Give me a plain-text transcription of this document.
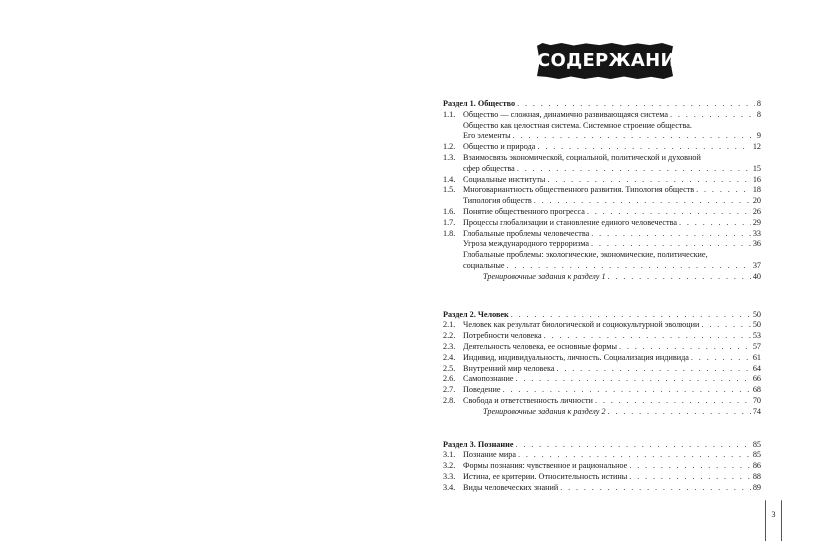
СОДЕРЖАНИЕ
Раздел 1. Общество . . .	8
1.1. Общество — сложная, динамично развивающаяся система . . .	8
Общество как целостная система. Системное строение общества.
Его элементы . . .	9
1.2. Общество и природа . . .	12
1.3. Взаимосвязь экономической, социальной, политической и духовной
сфер общества . . .	15
1.4. Социальные институты . . .	16
1.5. Многовариантность общественного развития. Типология обществ . . .	18
Типология обществ . . .	20
1.6. Понятие общественного прогресса . . .	26
1.7. Процессы глобализации и становление единого человечества . . .	29
1.8. Глобальные проблемы человечества . . .	33
Угроза международного терроризма . . .	36
Глобальные проблемы: экологические, экономические, политические,
социальные . . .	37
Тренировочные задания к разделу 1 . . .	40
Раздел 2. Человек . . .	50
2.1. Человек как результат биологической и социокультурной эволюции . . .	50
2.2. Потребности человека . . .	53
2.3. Деятельность человека, ее основные формы . . .	57
2.4. Индивид, индивидуальность, личность. Социализация индивида . . .	61
2.5. Внутренний мир человека . . .	64
2.6. Самопознание . . .	66
2.7. Поведение . . .	68
2.8. Свобода и ответственность личности . . .	70
Тренировочные задания к разделу 2 . . .	74
Раздел 3. Познание . . .	85
3.1. Познание мира . . .	85
3.2. Формы познания: чувственное и рациональное . . .	86
3.3. Истина, ее критерии. Относительность истины . . .	88
3.4. Виды человеческих знаний . . .	89
3
